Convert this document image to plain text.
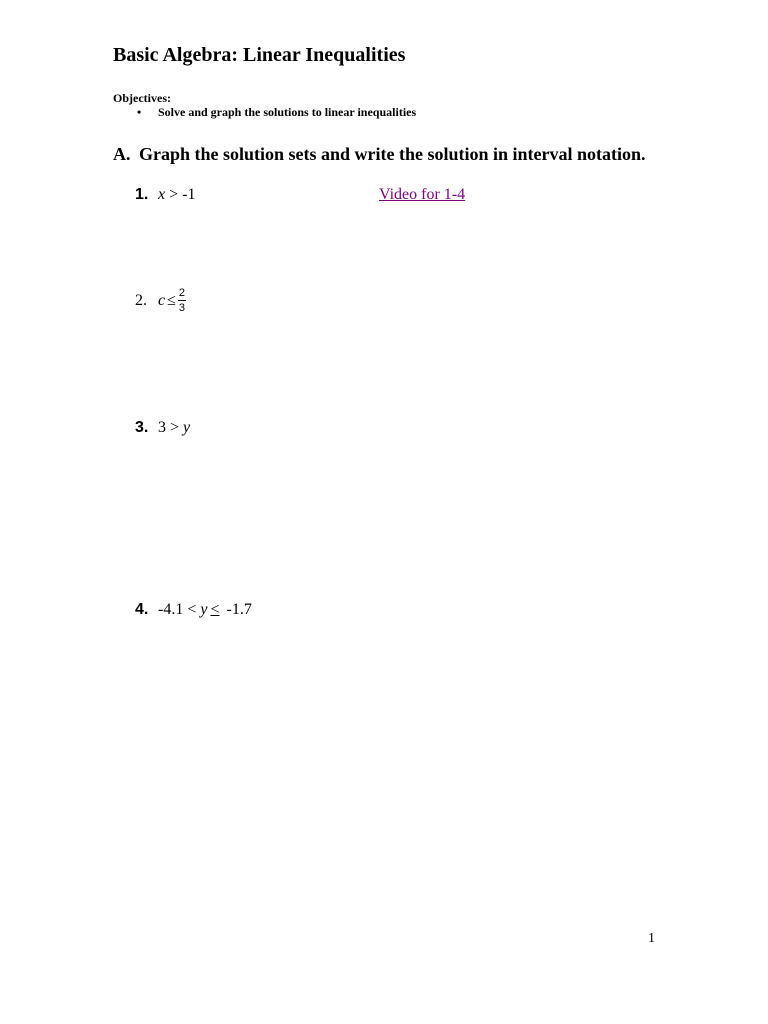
Basic Algebra: Linear Inequalities
Objectives:
• Solve and graph the solutions to linear inequalities
A. Graph the solution sets and write the solution in interval notation.
1. x > -1	Video for 1-4
2. $c \le \frac{2}{3}$
3. 3 > y
4. -4.1 < y ≤ -1.7
1
